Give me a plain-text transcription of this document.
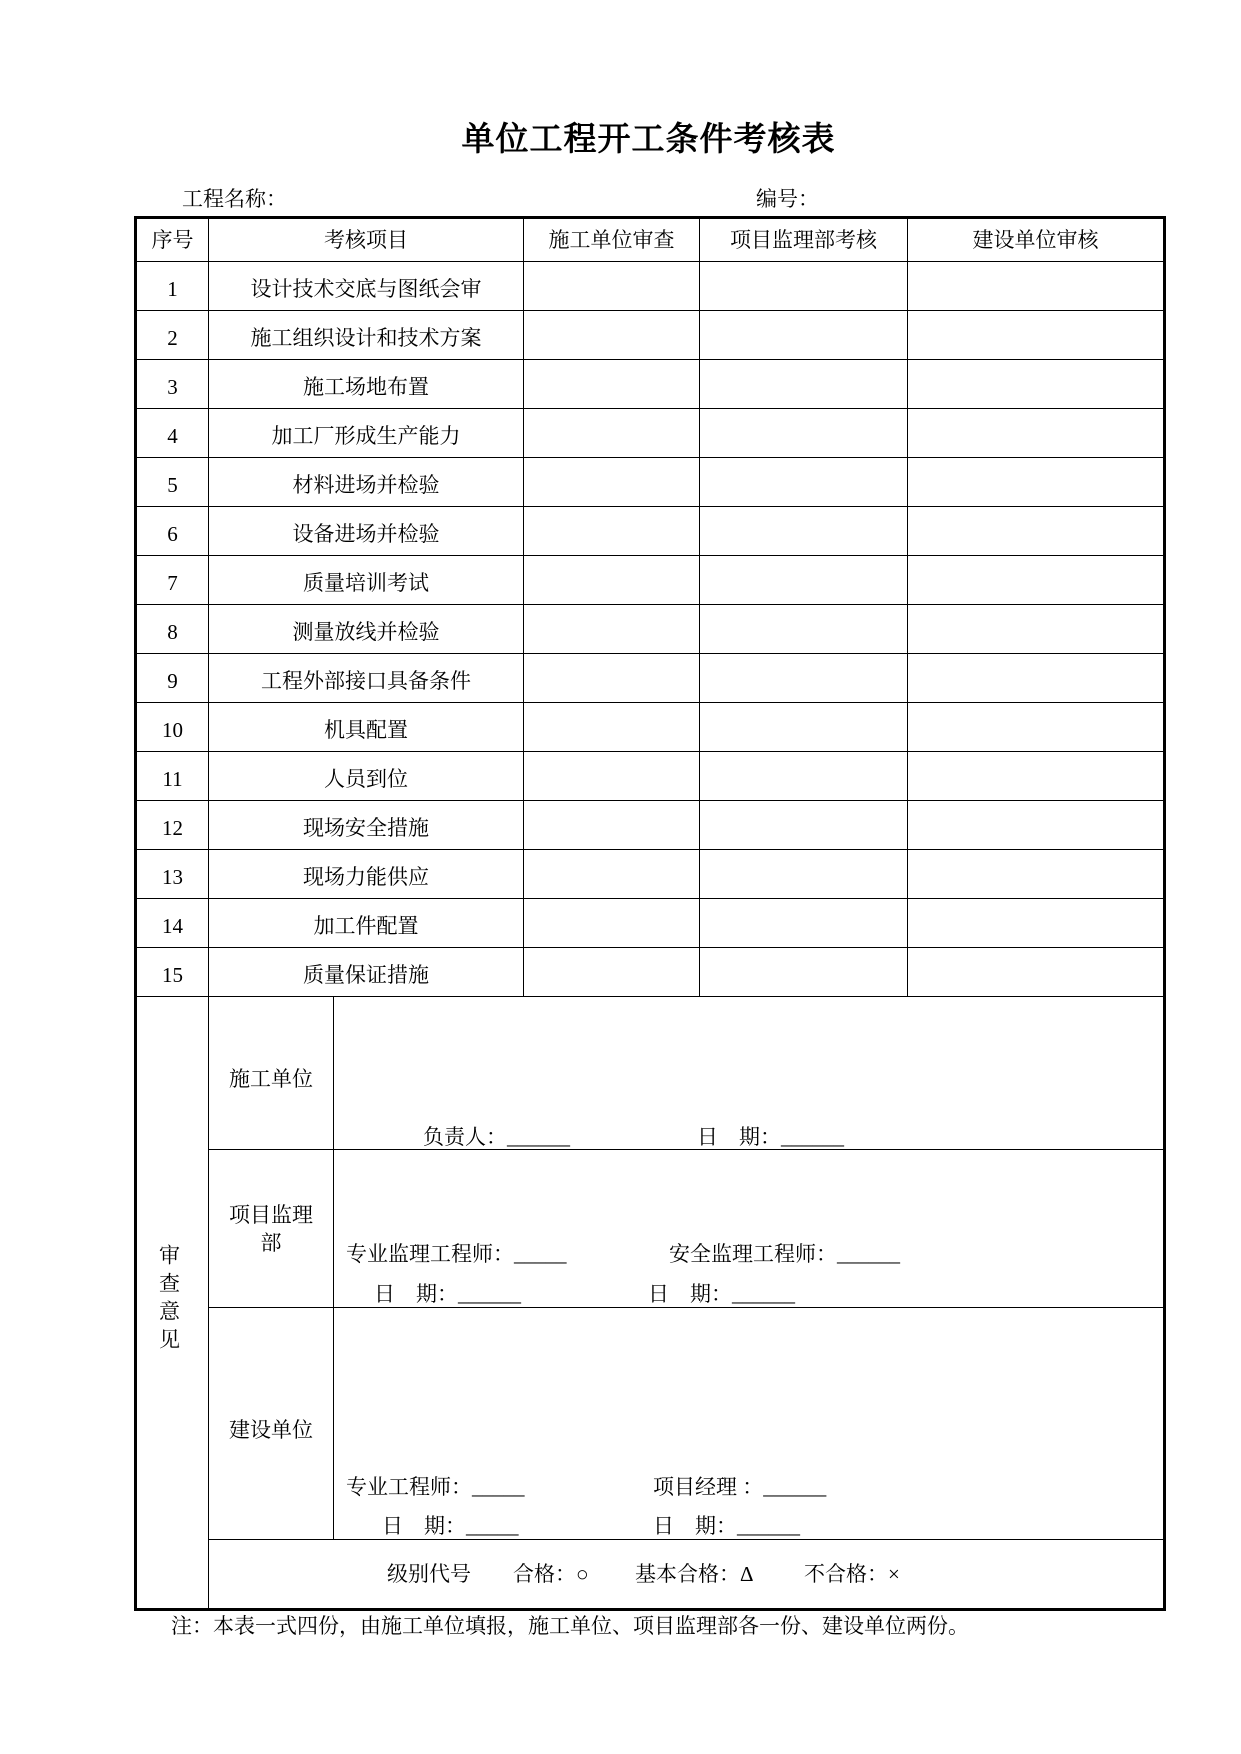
单位工程开工条件考核表
工程名称：	编号：
序号	考核项目		施工单位审查	项目监理部考核	建设单位审核
1	设计技术交底与图纸会审				
2	施工组织设计和技术方案				
3	施工场地布置				
4	加工厂形成生产能力				
5	材料进场并检验				
6	设备进场并检验				
7	质量培训考试				
8	测量放线并检验				
9	工程外部接口具备条件				
10	机具配置				
11	人员到位				
12	现场安全措施				
13	现场力能供应				
14	加工件配置				
15	质量保证措施				
审查意见	施工单位	负责人：______ 日　期：______			

	项目监理部	专业监理工程师：_____ 安全监理工程师：______
日　期：______ 日　期：______			

	建设单位	专业工程师：_____ 项目经理 ：______
日　期：_____ 日　期：______			

	级别代号 合格：○ 基本合格：Δ 不合格：×				
注：本表一式四份，由施工单位填报，施工单位、项目监理部各一份、建设单位两份。
